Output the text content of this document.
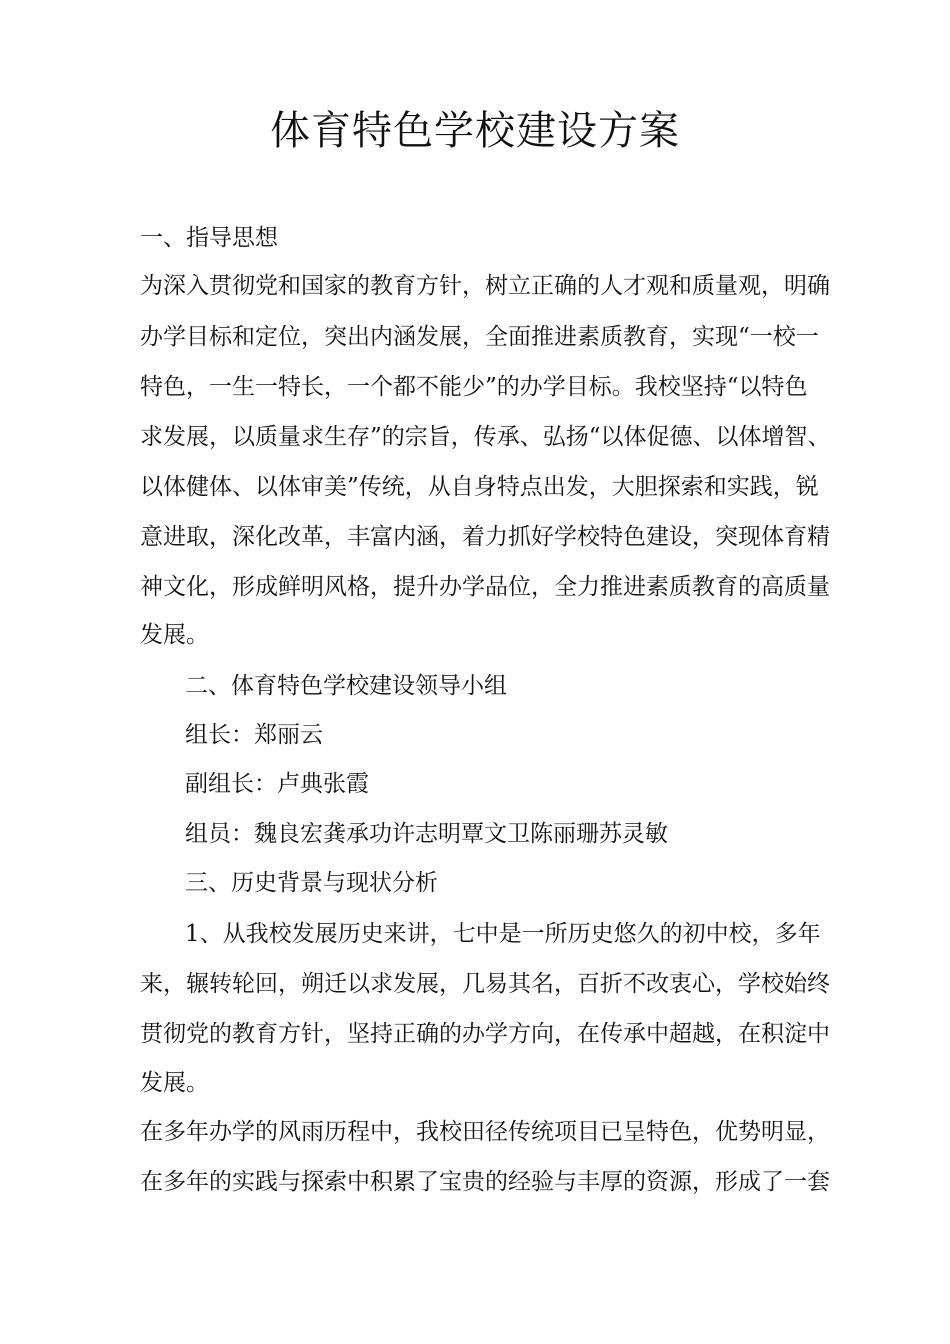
体育特色学校建设方案

一、指导思想

为深入贯彻党和国家的教育方针，树立正确的人才观和质量观，明确

办学目标和定位，突出内涵发展，全面推进素质教育，实现“一校一

特色，一生一特长，一个都不能少”的办学目标。我校坚持“以特色

求发展，以质量求生存”的宗旨，传承、弘扬“以体促德、以体增智、

以体健体、以体审美”传统，从自身特点出发，大胆探索和实践，锐

意进取，深化改革，丰富内涵，着力抓好学校特色建设，突现体育精

神文化，形成鲜明风格，提升办学品位，全力推进素质教育的高质量

发展。

二、体育特色学校建设领导小组

组长：郑丽云

副组长：卢典张霞

组员：魏良宏龚承功许志明覃文卫陈丽珊苏灵敏

三、历史背景与现状分析

1、从我校发展历史来讲，七中是一所历史悠久的初中校，多年

来，辗转轮回，朔迁以求发展，几易其名，百折不改衷心，学校始终

贯彻党的教育方针，坚持正确的办学方向，在传承中超越，在积淀中

发展。

在多年办学的风雨历程中，我校田径传统项目已呈特色，优势明显，

在多年的实践与探索中积累了宝贵的经验与丰厚的资源，形成了一套
